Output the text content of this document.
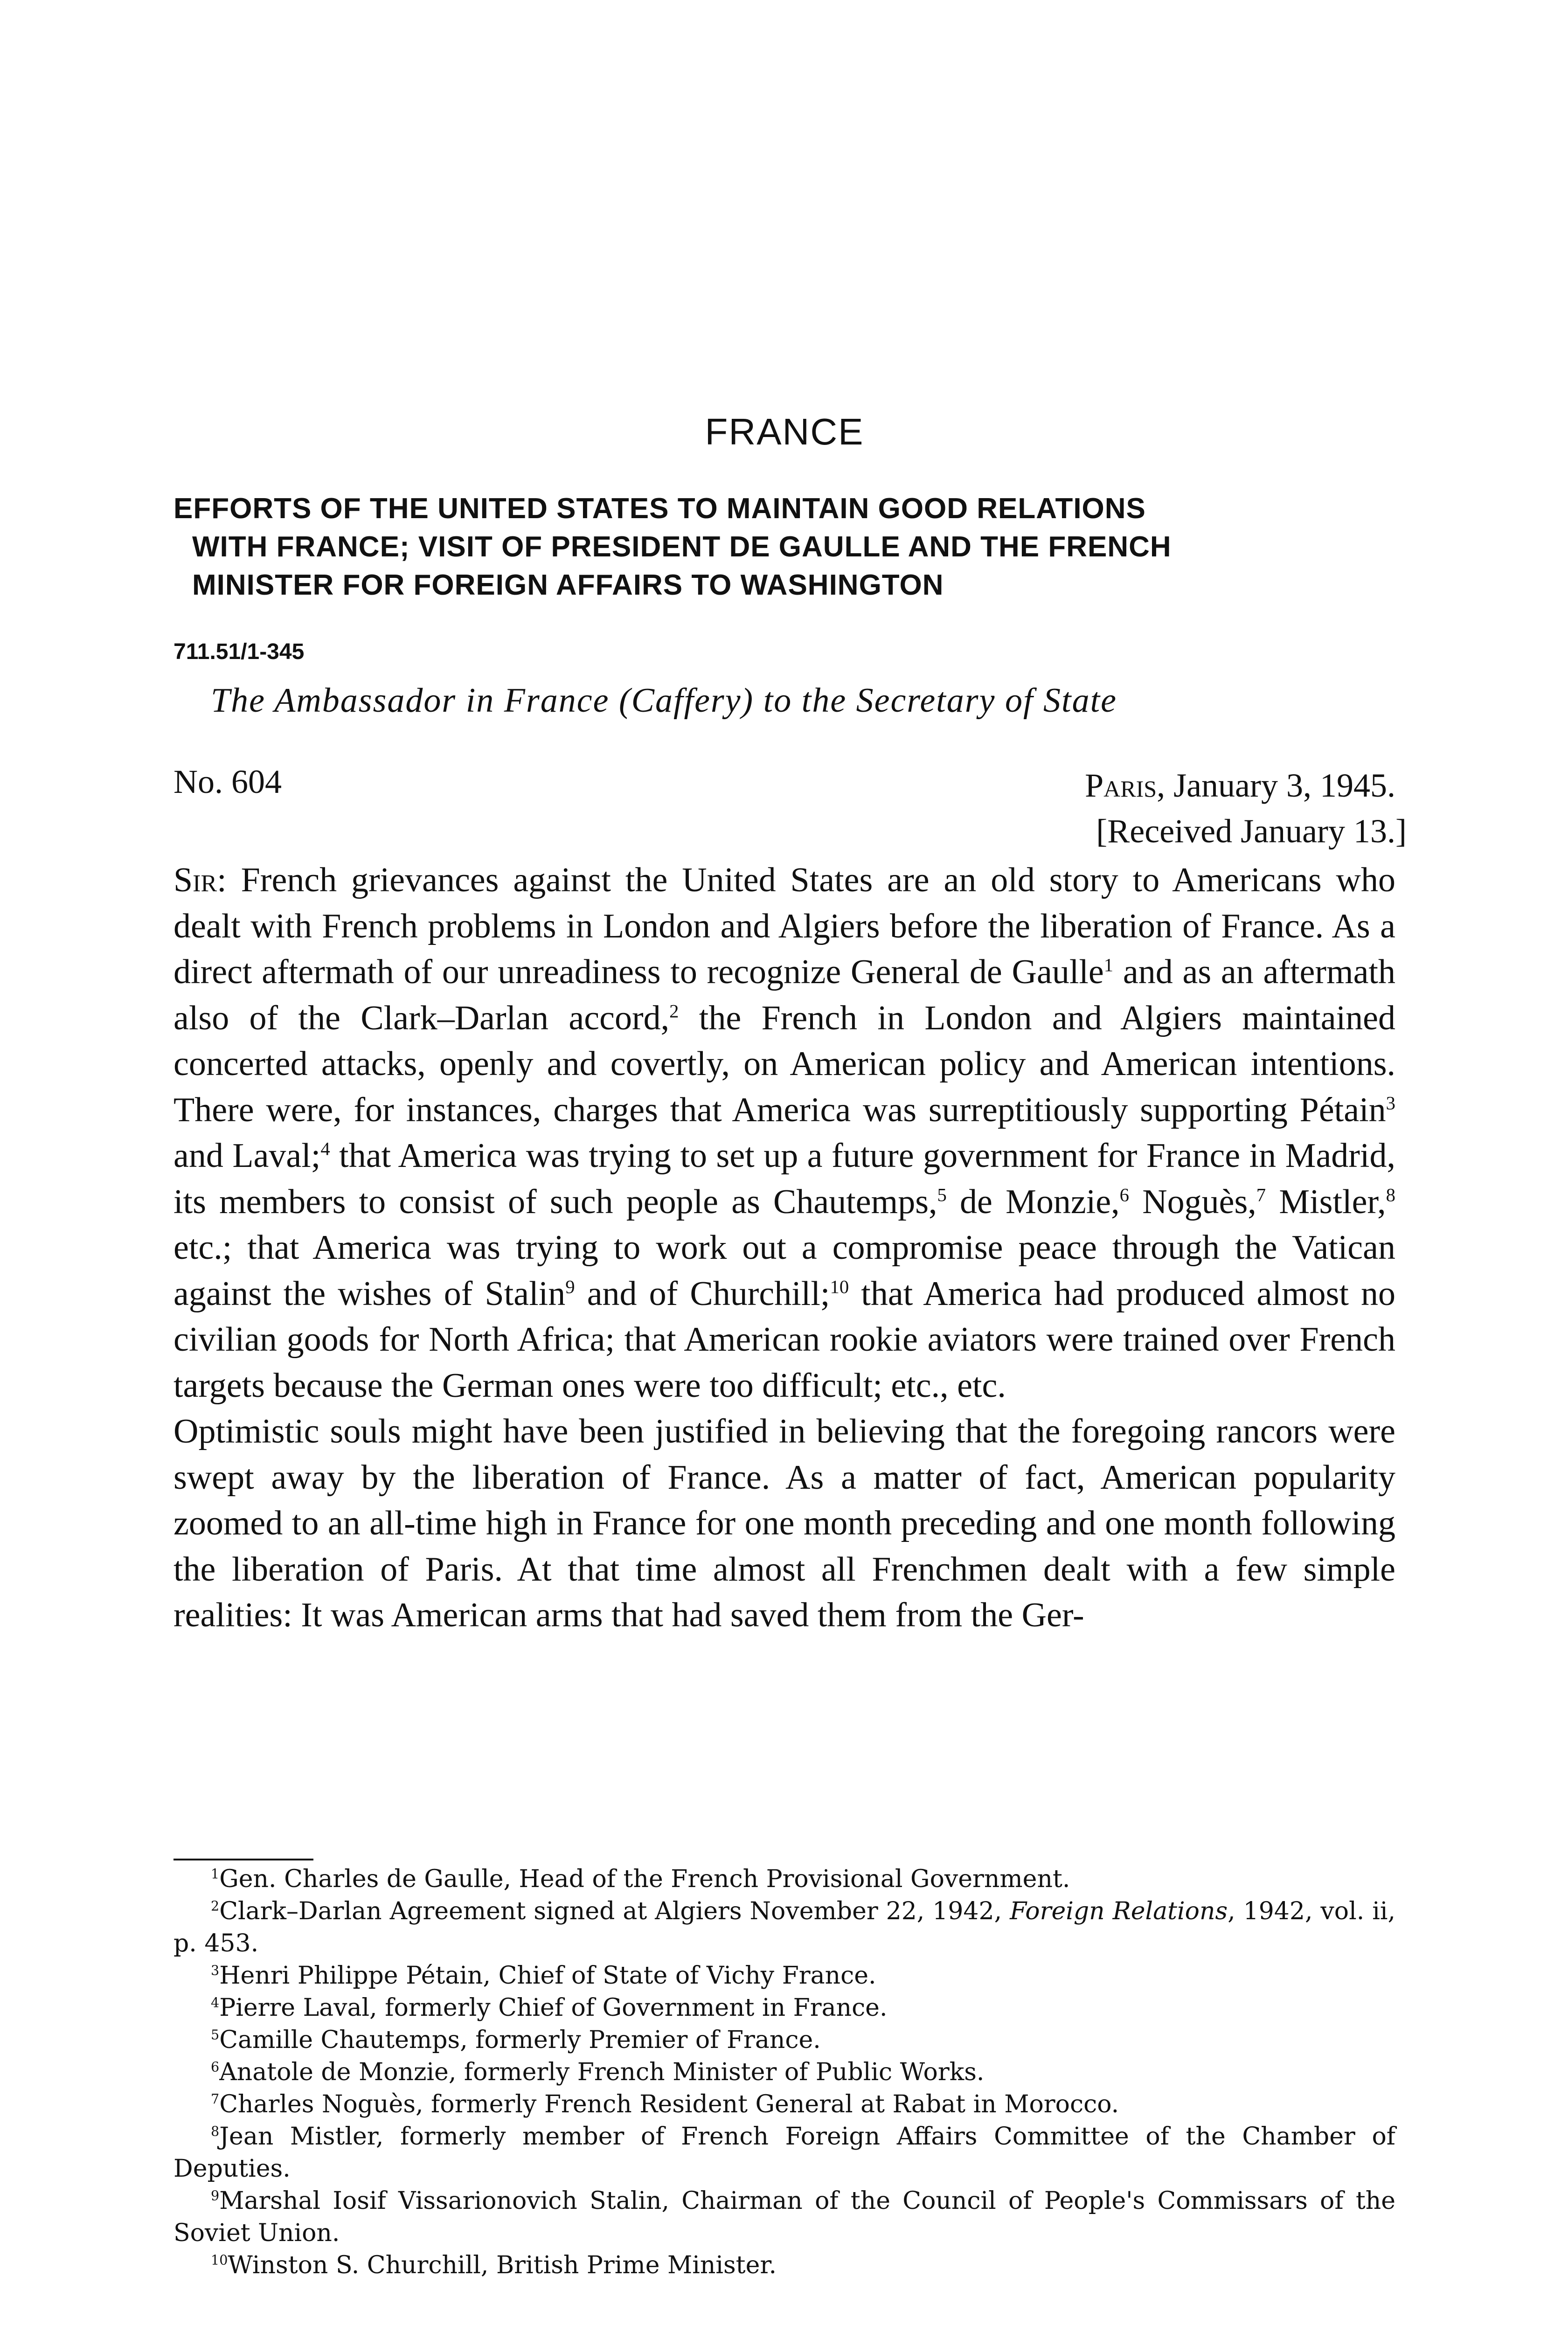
FRANCE
EFFORTS OF THE UNITED STATES TO MAINTAIN GOOD RELATIONS
WITH FRANCE; VISIT OF PRESIDENT DE GAULLE AND THE FRENCH
MINISTER FOR FOREIGN AFFAIRS TO WASHINGTON
711.51/1-345
The Ambassador in France (Caffery) to the Secretary of State
No. 604	Paris, January 3, 1945.
[Received January 13.]

Sir: French grievances against the United States are an old story to Americans who dealt with French problems in London and Algiers before the liberation of France. As a direct aftermath of our unreadiness to recognize General de Gaulle$^1$ and as an aftermath also of the Clark–Darlan accord,$^2$ the French in London and Algiers maintained concerted attacks, openly and covertly, on American policy and American intentions. There were, for instances, charges that America was surreptitiously supporting Pétain$^3$ and Laval;$^4$ that America was trying to set up a future government for France in Madrid, its members to consist of such people as Chautemps,$^5$ de Monzie,$^6$ Noguès,$^7$ Mistler,$^8$ etc.; that America was trying to work out a compromise peace through the Vatican against the wishes of Stalin$^9$ and of Churchill;$^{10}$ that America had produced almost no civilian goods for North Africa; that American rookie aviators were trained over French targets because the German ones were too difficult; etc., etc.

Optimistic souls might have been justified in believing that the foregoing rancors were swept away by the liberation of France. As a matter of fact, American popularity zoomed to an all-time high in France for one month preceding and one month following the liberation of Paris. At that time almost all Frenchmen dealt with a few simple realities: It was American arms that had saved them from the Ger-

$^1$Gen. Charles de Gaulle, Head of the French Provisional Government.

$^2$Clark–Darlan Agreement signed at Algiers November 22, 1942, Foreign Relations, 1942, vol. ii, p. 453.

$^3$Henri Philippe Pétain, Chief of State of Vichy France.

$^4$Pierre Laval, formerly Chief of Government in France.

$^5$Camille Chautemps, formerly Premier of France.

$^6$Anatole de Monzie, formerly French Minister of Public Works.

$^7$Charles Noguès, formerly French Resident General at Rabat in Morocco.

$^8$Jean Mistler, formerly member of French Foreign Affairs Committee of the Chamber of Deputies.

$^9$Marshal Iosif Vissarionovich Stalin, Chairman of the Council of People's Commissars of the Soviet Union.

$^{10}$Winston S. Churchill, British Prime Minister.
